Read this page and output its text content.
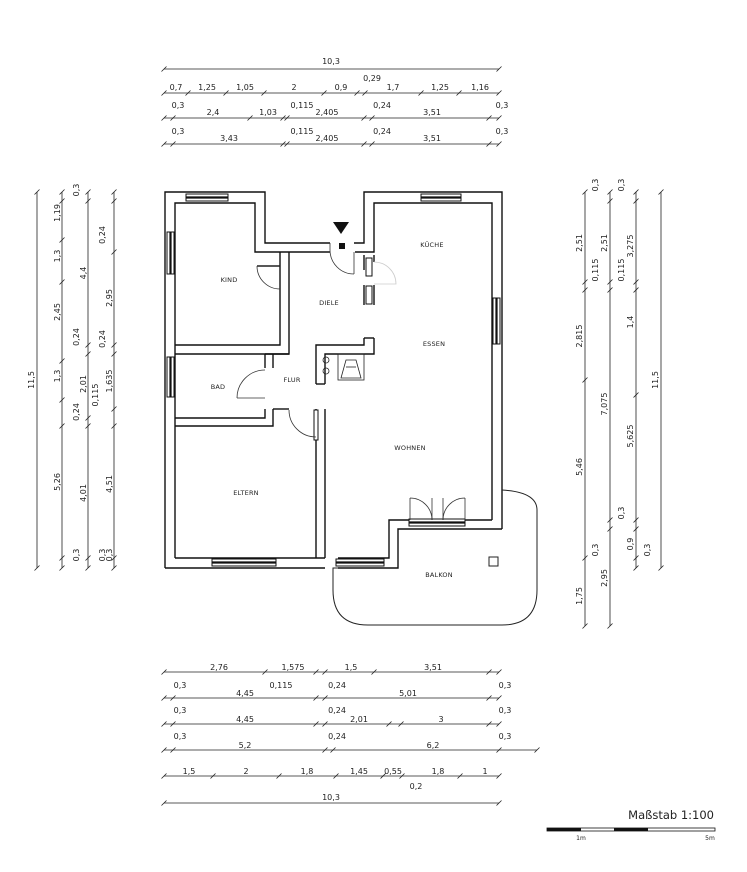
KIND
DIELE
KÜCHE
ESSEN
BAD
FLUR
WOHNEN
ELTERN
BALKON
10,3
0,7 1,25	1,05	2	0,9
0,29
1,7	1,25	1,16
0,3
2,4	1,03
0,115
2,405
0,24
3,51
0,3
0,3
3,43
0,115
2,405
0,24
3,51
0,3
2,76	1,575	1,5	3,51
0,3	0,115	0,24	0,3
4,45	5,01
0,3	0,24	0,3
4,45	2,01	3
0,3	0,24	0,3
5,2	6,2
1,5	2	1,8	1,45 0,55	1,8	1
0,2
10,3
11,5
0,3
1,19
1,3
2,45
1,3
0,24
5,26
0,3
0,24
4,4
0,24
2,01 0,115
4,01
0,3
2,95
0,24
1,635
4,51
0,3
2,51
2,815
5,46
1,75
0,3
0,115
7,075
0,3
2,95
0,3
2,51
0,115
3,275
1,4
5,625
0,9 0,3
0,3
11,5
Maßstab 1:100
1m	5m
